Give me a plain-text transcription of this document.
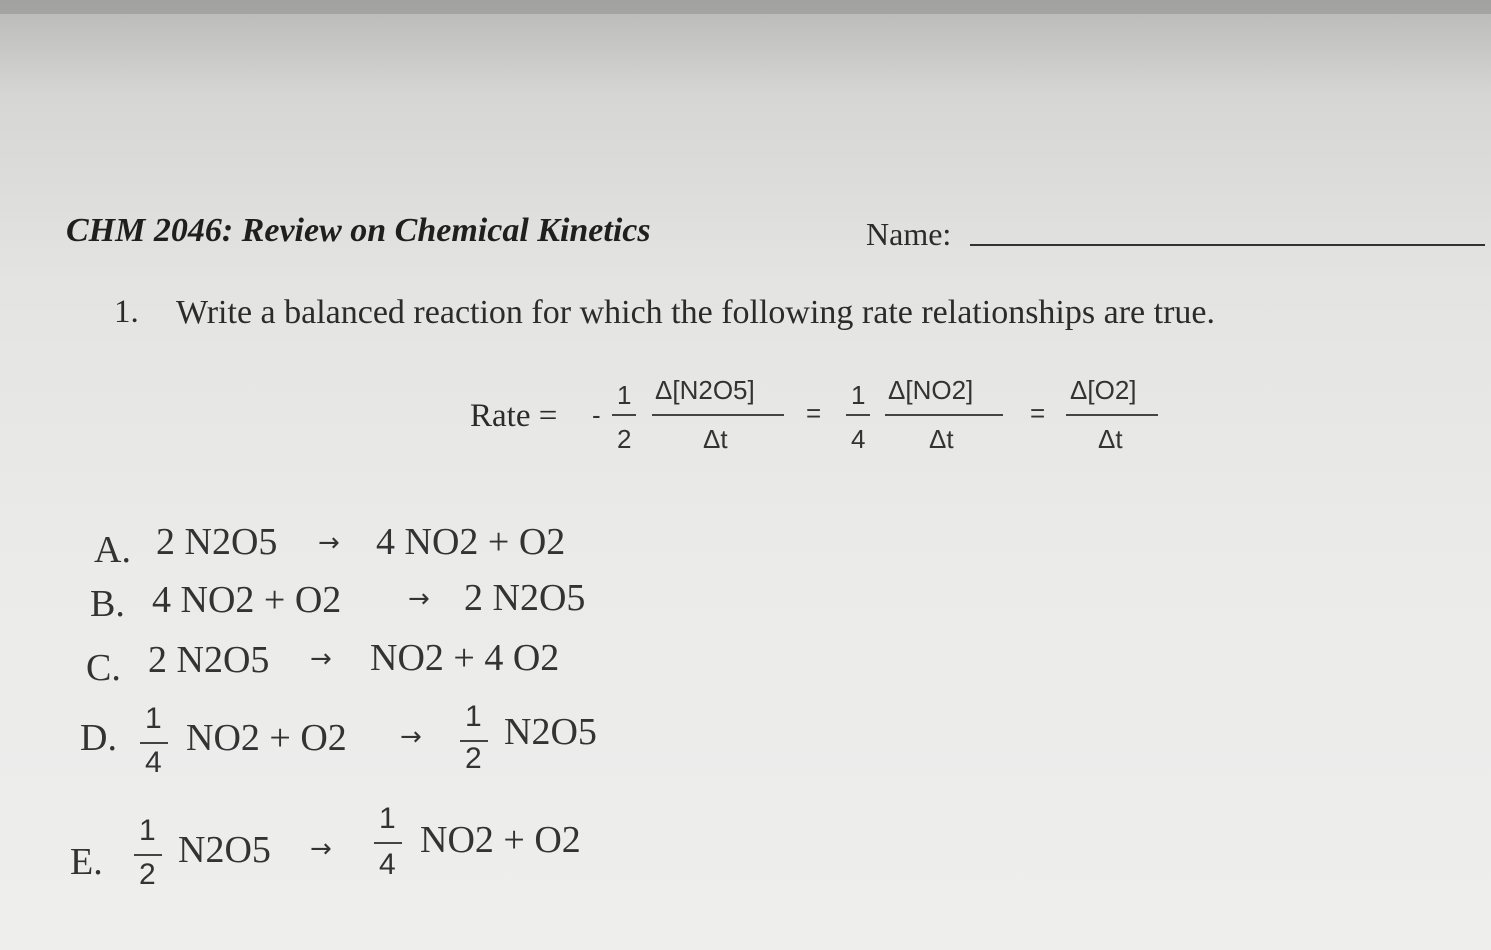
CHM 2046: Review on Chemical Kinetics	Name:
1. Write a balanced reaction for which the following rate relationships are true.
Rate = -
1
2
Δ[N2O5]
Δt
=
1
4
Δ[NO2]
Δt
=
Δ[O2]
Δt
A. 2 N2O5 → 4 NO2 + O2
B. 4 NO2 + O2	→ 2 N2O5
C. 2 N2O5 → NO2 + 4 O2
D. 1
4
NO2 + O2 →
1
2
N2O5
E.
1
2
N2O5 →
1
4
NO2 + O2
